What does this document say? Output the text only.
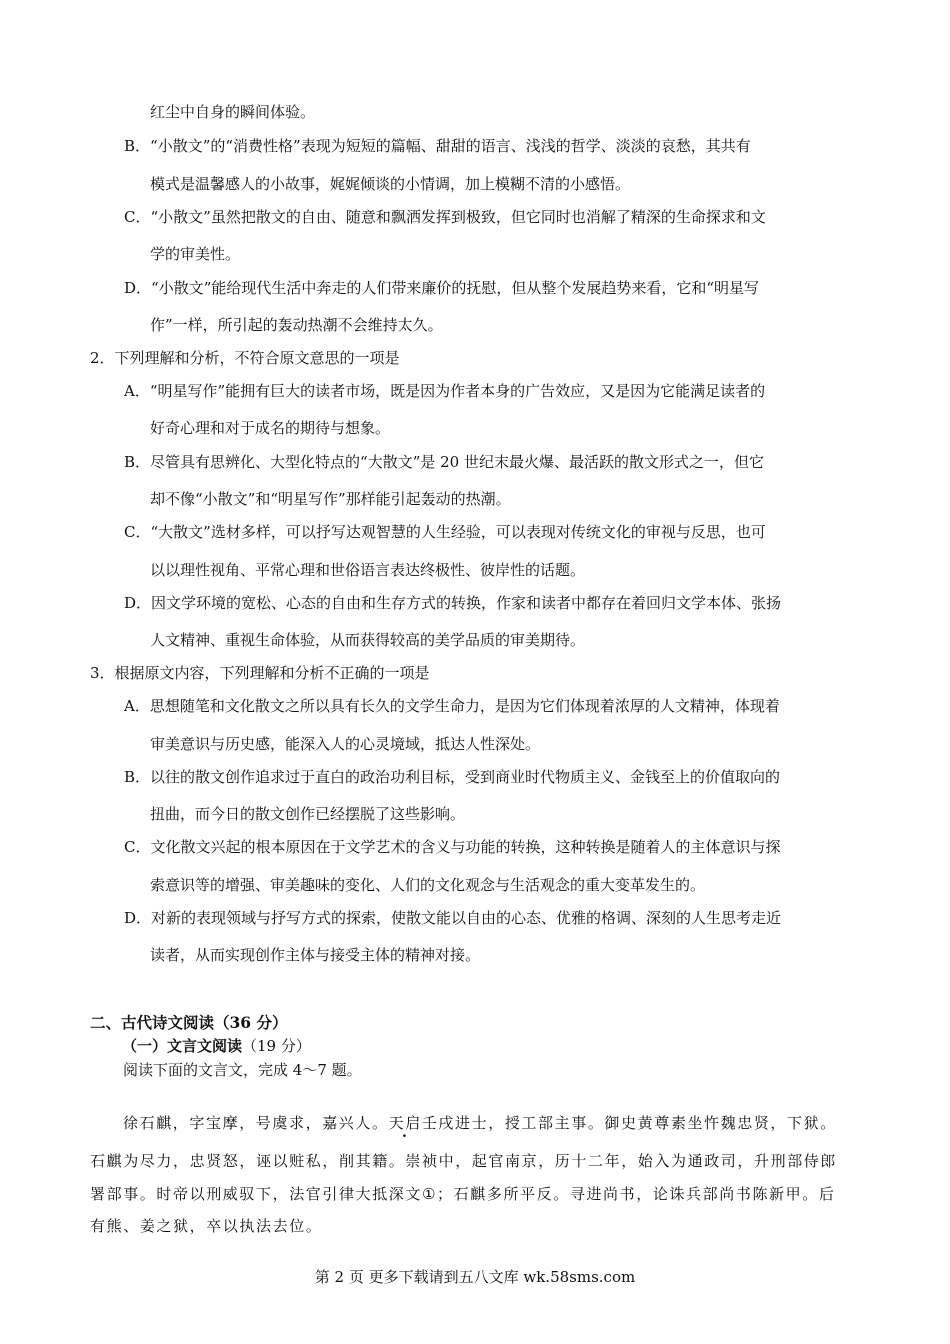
红尘中自身的瞬间体验。
B．“小散文”的“消费性格”表现为短短的篇幅、甜甜的语言、浅浅的哲学、淡淡的哀愁，其共有
模式是温馨感人的小故事，娓娓倾谈的小情调，加上模糊不清的小感悟。
C．“小散文”虽然把散文的自由、随意和飘洒发挥到极致，但它同时也消解了精深的生命探求和文
学的审美性。
D．“小散文”能给现代生活中奔走的人们带来廉价的抚慰，但从整个发展趋势来看，它和“明星写
作”一样，所引起的轰动热潮不会维持太久。
2．下列理解和分析，不符合原文意思的一项是
A．“明星写作”能拥有巨大的读者市场，既是因为作者本身的广告效应，又是因为它能满足读者的
好奇心理和对于成名的期待与想象。
B．尽管具有思辨化、大型化特点的“大散文”是 20 世纪末最火爆、最活跃的散文形式之一，但它
却不像“小散文”和“明星写作”那样能引起轰动的热潮。
C．“大散文”选材多样，可以抒写达观智慧的人生经验，可以表现对传统文化的审视与反思，也可
以以理性视角、平常心理和世俗语言表达终极性、彼岸性的话题。
D．因文学环境的宽松、心态的自由和生存方式的转换，作家和读者中都存在着回归文学本体、张扬
人文精神、重视生命体验，从而获得较高的美学品质的审美期待。
3．根据原文内容，下列理解和分析不正确的一项是
A．思想随笔和文化散文之所以具有长久的文学生命力，是因为它们体现着浓厚的人文精神，体现着
审美意识与历史感，能深入人的心灵境域，抵达人性深处。
B．以往的散文创作追求过于直白的政治功利目标，受到商业时代物质主义、金钱至上的价值取向的
扭曲，而今日的散文创作已经摆脱了这些影响。
C．文化散文兴起的根本原因在于文学艺术的含义与功能的转换，这种转换是随着人的主体意识与探
索意识等的增强、审美趣味的变化、人们的文化观念与生活观念的重大变革发生的。
D．对新的表现领域与抒写方式的探索，使散文能以自由的心态、优雅的格调、深刻的人生思考走近
读者，从而实现创作主体与接受主体的精神对接。
阅读下面的文言文，完成 4～7 题。
石麒为尽力，忠贤怒，诬以赃私，削其籍。崇祯中，起官南京，历十二年，始入为通政司，升刑部侍郎
署部事。时帝以刑威驭下，法官引律大抵深文①；石麒多所平反。寻进尚书，论诛兵部尚书陈新甲。后
有熊、姜之狱，卒以执法去位。
二、古代诗文阅读（36 分）
（一）文言文阅读（19 分）
徐石麒，字宝摩，号虞求，嘉兴人。天启壬戌进士，授工部主事。御史黄尊素坐忤魏忠贤，下狱。
第 2 页 更多下载请到五八文库 wk.58sms.com
